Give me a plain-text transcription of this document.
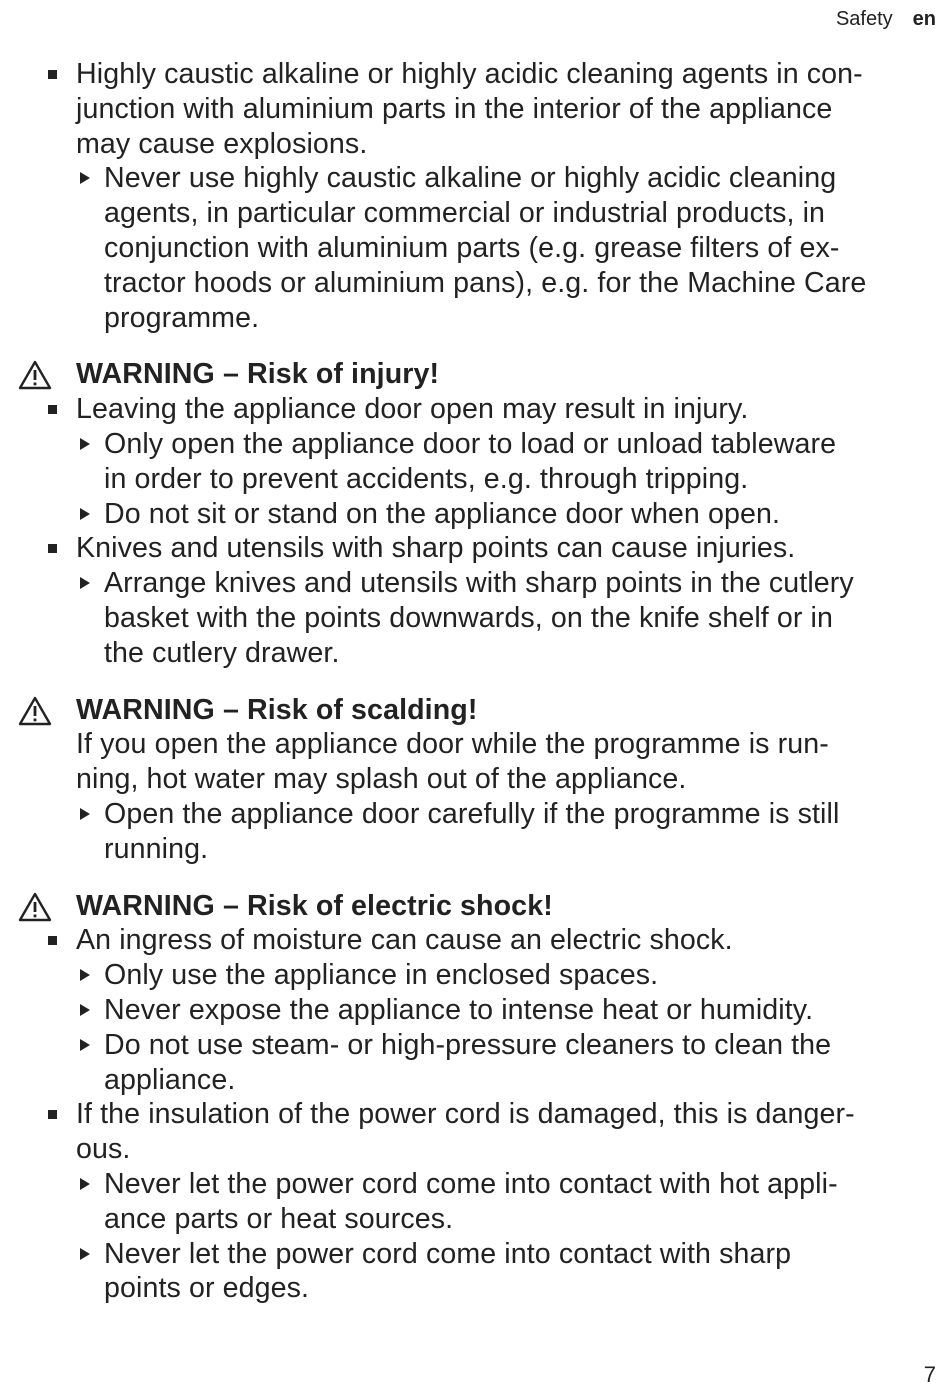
Safety en
Highly caustic alkaline or highly acidic cleaning agents in con-
junction with aluminium parts in the interior of the appliance
may cause explosions.
Never use highly caustic alkaline or highly acidic cleaning
agents, in particular commercial or industrial products, in
conjunction with aluminium parts (e.g. grease filters of ex-
tractor hoods or aluminium pans), e.g. for the Machine Care
programme.
WARNING – Risk of injury!
Leaving the appliance door open may result in injury.
Only open the appliance door to load or unload tableware
in order to prevent accidents, e.g. through tripping.
Do not sit or stand on the appliance door when open.
Knives and utensils with sharp points can cause injuries.
Arrange knives and utensils with sharp points in the cutlery
basket with the points downwards, on the knife shelf or in
the cutlery drawer.
WARNING – Risk of scalding!
If you open the appliance door while the programme is run-
ning, hot water may splash out of the appliance.
Open the appliance door carefully if the programme is still
running.
WARNING – Risk of electric shock!
An ingress of moisture can cause an electric shock.
Only use the appliance in enclosed spaces.
Never expose the appliance to intense heat or humidity.
Do not use steam- or high-pressure cleaners to clean the
appliance.
If the insulation of the power cord is damaged, this is danger-
ous.
Never let the power cord come into contact with hot appli-
ance parts or heat sources.
Never let the power cord come into contact with sharp
points or edges.
7
